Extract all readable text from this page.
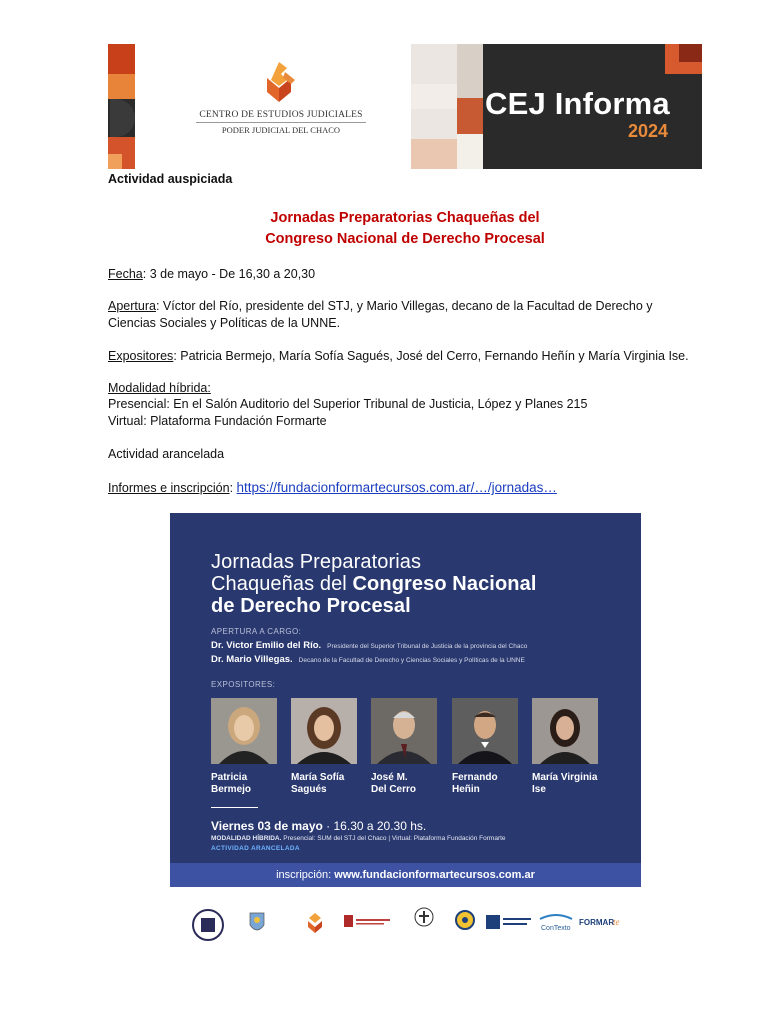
CENTRO DE ESTUDIOS JUDICIALES
PODER JUDICIAL DEL CHACO
CEJ Informa
2024
Actividad auspiciada
Jornadas Preparatorias Chaqueñas del
Congreso Nacional de Derecho Procesal
Fecha: 3 de mayo - De 16,30 a 20,30
Apertura: Víctor del Río, presidente del STJ, y Mario Villegas, decano de la Facultad de Derecho y
Ciencias Sociales y Políticas de la UNNE.
Expositores: Patricia Bermejo, María Sofía Sagués, José del Cerro, Fernando Heñín y María Virginia Ise.
Modalidad híbrida:
Presencial: En el Salón Auditorio del Superior Tribunal de Justicia, López y Planes 215
Virtual: Plataforma Fundación Formarte
Actividad arancelada
Informes e inscripción: https://fundacionformartecursos.com.ar/…/jornadas…
Jornadas Preparatorias
Chaqueñas del Congreso Nacional
de Derecho Procesal
APERTURA A CARGO:
Dr. Victor Emilio del Río. Presidente del Superior Tribunal de Justicia de la provincia del Chaco
Dr. Mario Villegas. Decano de la Facultad de Derecho y Ciencias Sociales y Políticas de la UNNE
EXPOSITORES:
Patricia
Bermejo
María Sofía
Sagués
José M.
Del Cerro
Fernando
Heñin
María Virginia
Ise
Viernes 03 de mayo · 16.30 a 20.30 hs.
MODALIDAD HÍBRIDA. Presencial: SUM del STJ del Chaco | Virtual: Plataforma Fundación Formarte
ACTIVIDAD ARANCELADA
inscripción: www.fundacionformartecursos.com.ar
ConTexto
FORMAR
te
